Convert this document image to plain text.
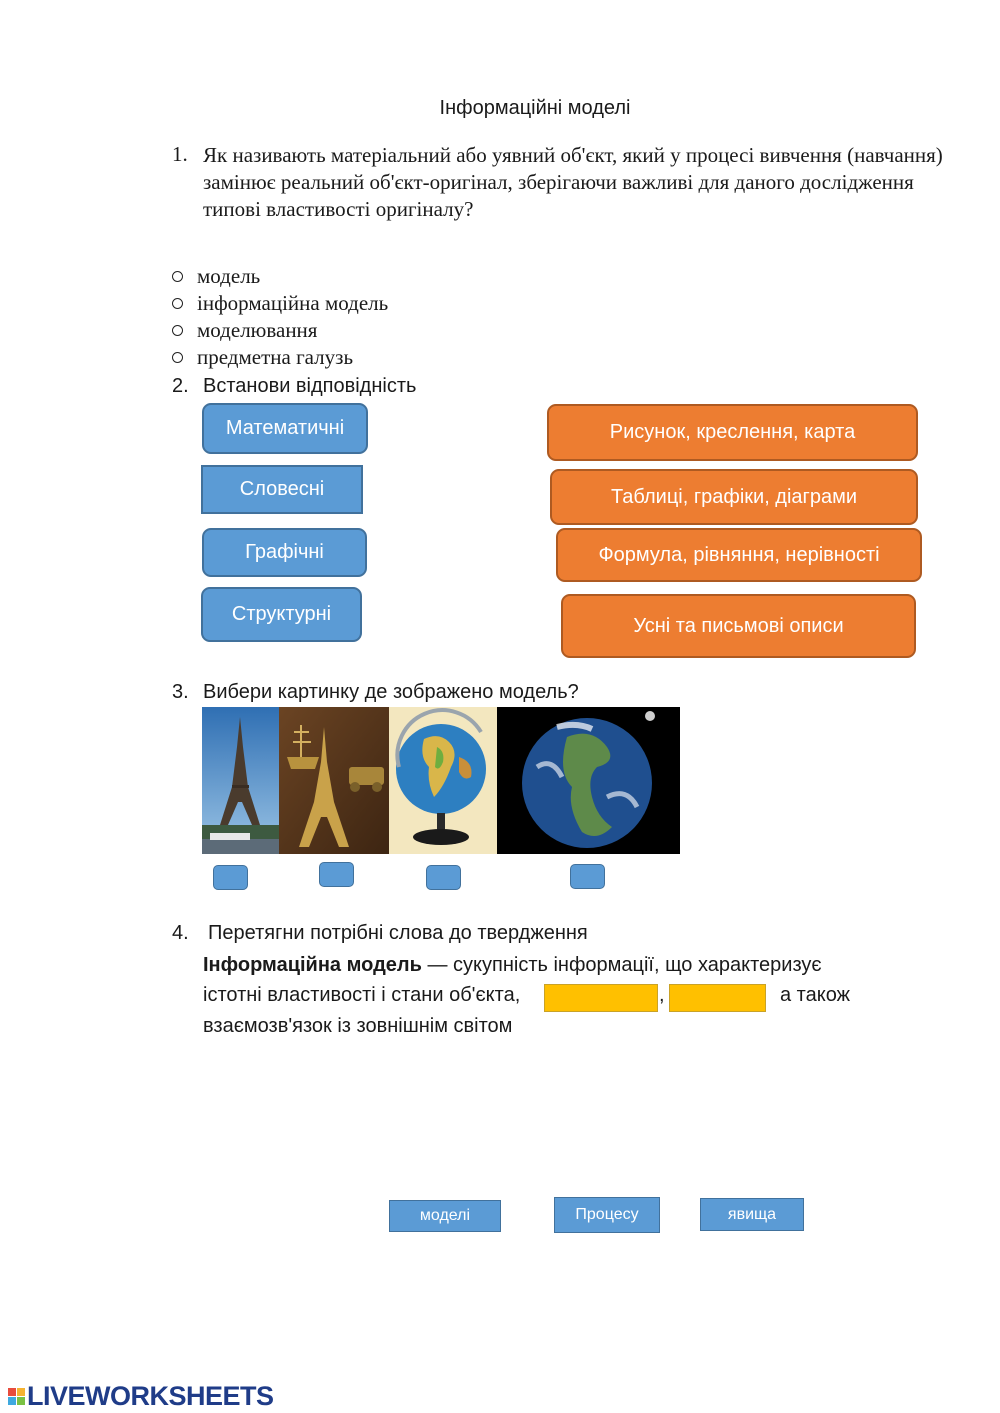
Інформаційні моделі
1. Як називають матеріальний або уявний об'єкт, який у процесі вивчення (навчання) замінює реальний об'єкт-оригінал, зберігаючи важливі для даного дослідження типові властивості оригіналу?
модель
інформаційна модель
моделювання
предметна галузь
2. Встанови відповідність
Математичні
Словесні
Графічні
Структурні
Рисунок, креслення, карта
Таблиці, графіки, діаграми
Формула, рівняння, нерівності
Усні та письмові описи
3. Вибери картинку де зображено модель?
4. Перетягни потрібні слова до твердження
Інформаційна модель — сукупність інформації, що характеризує
істотні властивості і стани об'єкта,	,	а також
взаємозв'язок із зовнішнім світом
моделі	Процесу	явища
LIVEWORKSHEETS
